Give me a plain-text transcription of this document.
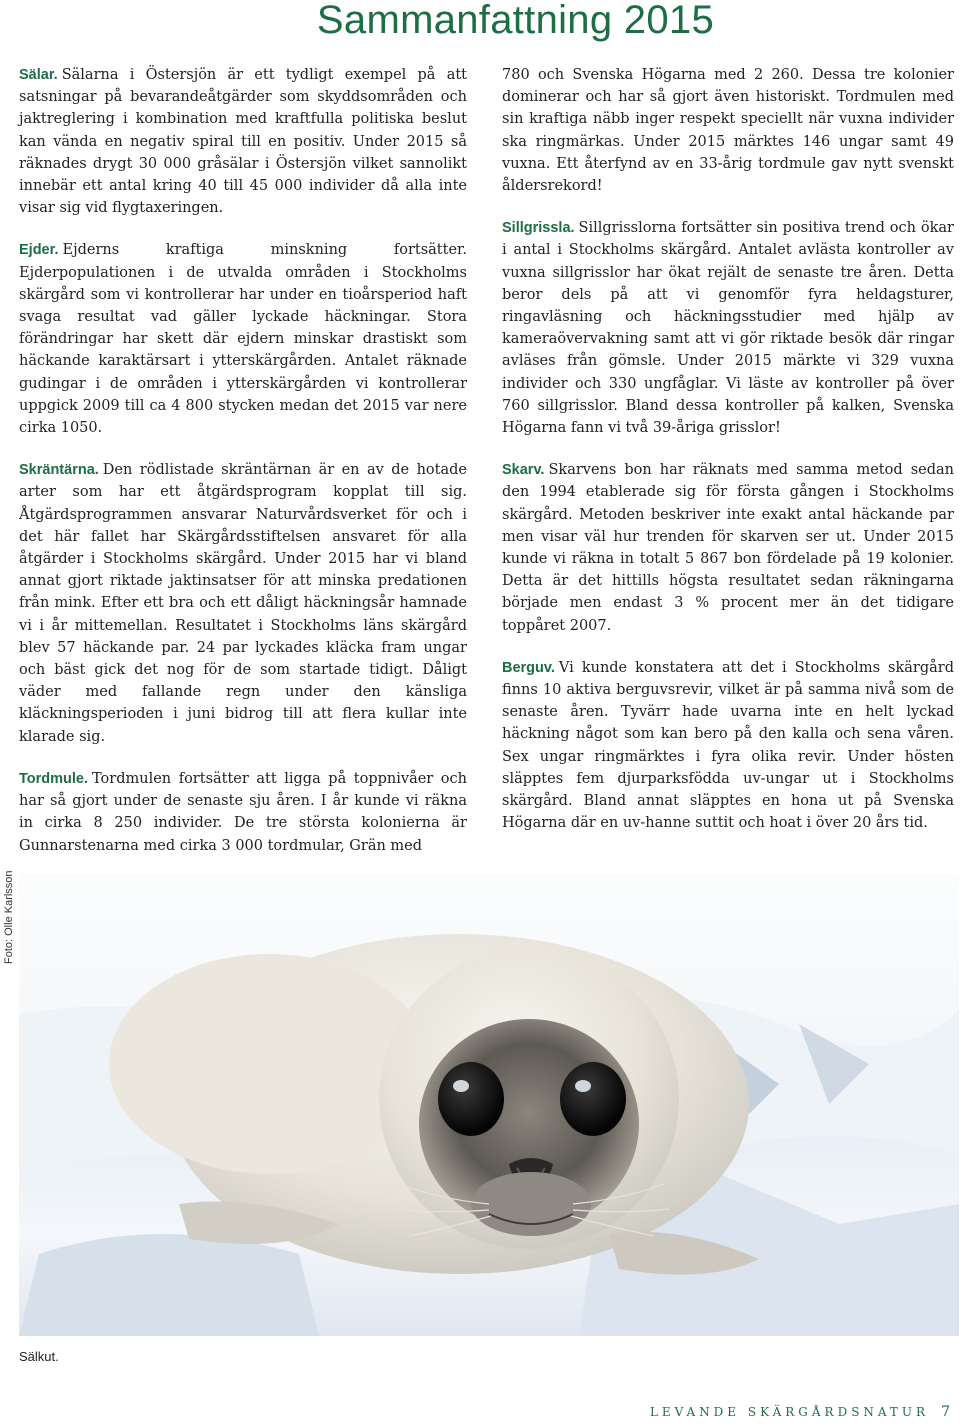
Sammanfattning 2015

Sälar. Sälarna i Östersjön är ett tydligt exempel på att satsningar på bevarandeåtgärder som skyddsområden och jaktreglering i kombination med kraftfulla politiska beslut kan vända en negativ spiral till en positiv. Under 2015 så räknades drygt 30 000 gråsälar i Östersjön vilket sannolikt innebär ett antal kring 40 till 45 000 individer då alla inte visar sig vid flygtaxeringen.

Ejder. Ejderns kraftiga minskning fortsätter. Ejderpopulationen i de utvalda områden i Stockholms skärgård som vi kontrollerar har under en tioårsperiod haft svaga resultat vad gäller lyckade häckningar. Stora förändringar har skett där ejdern minskar drastiskt som häckande karaktärsart i ytterskärgården. Antalet räknade gudingar i de områden i ytterskärgården vi kontrollerar uppgick 2009 till ca 4 800 stycken medan det 2015 var nere cirka 1050.

Skräntärna. Den rödlistade skräntärnan är en av de hotade arter som har ett åtgärdsprogram kopplat till sig. Åtgärdsprogrammen ansvarar Naturvårdsverket för och i det här fallet har Skärgårdsstiftelsen ansvaret för alla åtgärder i Stockholms skärgård. Under 2015 har vi bland annat gjort riktade jaktinsatser för att minska predationen från mink. Efter ett bra och ett dåligt häckningsår hamnade vi i år mittemellan. Resultatet i Stockholms läns skärgård blev 57 häckande par. 24 par lyckades kläcka fram ungar och bäst gick det nog för de som startade tidigt. Dåligt väder med fallande regn under den känsliga kläckningsperioden i juni bidrog till att flera kullar inte klarade sig.

Tordmule. Tordmulen fortsätter att ligga på toppnivåer och har så gjort under de senaste sju åren. I år kunde vi räkna in cirka 8 250 individer. De tre största kolonierna är Gunnarstenarna med cirka 3 000 tordmular, Grän med

780 och Svenska Högarna med 2 260. Dessa tre kolonier dominerar och har så gjort även historiskt. Tordmulen med sin kraftiga näbb inger respekt speciellt när vuxna individer ska ringmärkas. Under 2015 märktes 146 ungar samt 49 vuxna. Ett återfynd av en 33-årig tordmule gav nytt svenskt åldersrekord!

Sillgrissla. Sillgrisslorna fortsätter sin positiva trend och ökar i antal i Stockholms skärgård. Antalet avlästa kontroller av vuxna sillgrisslor har ökat rejält de senaste tre åren. Detta beror dels på att vi genomför fyra heldagsturer, ringavläsning och häckningsstudier med hjälp av kameraövervakning samt att vi gör riktade besök där ringar avläses från gömsle. Under 2015 märkte vi 329 vuxna individer och 330 ungfåglar. Vi läste av kontroller på över 760 sillgrisslor. Bland dessa kontroller på kalken, Svenska Högarna fann vi två 39-åriga grisslor!

Skarv. Skarvens bon har räknats med samma metod sedan den 1994 etablerade sig för första gången i Stockholms skärgård. Metoden beskriver inte exakt antal häckande par men visar väl hur trenden för skarven ser ut. Under 2015 kunde vi räkna in totalt 5 867 bon fördelade på 19 kolonier. Detta är det hittills högsta resultatet sedan räkningarna började men endast 3 % procent mer än det tidigare toppåret 2007.

Berguv. Vi kunde konstatera att det i Stockholms skärgård finns 10 aktiva berguvsrevir, vilket är på samma nivå som de senaste åren. Tyvärr hade uvarna inte en helt lyckad häckning något som kan bero på den kalla och sena våren. Sex ungar ringmärktes i fyra olika revir. Under hösten släpptes fem djurparksfödda uv-ungar ut i Stockholms skärgård. Bland annat släpptes en hona ut på Svenska Högarna där en uv-hanne suttit och hoat i över 20 års tid.

Foto: Olle Karlsson
Sälkut.
LEVANDE SKÄRGÅRDSNATUR 7
